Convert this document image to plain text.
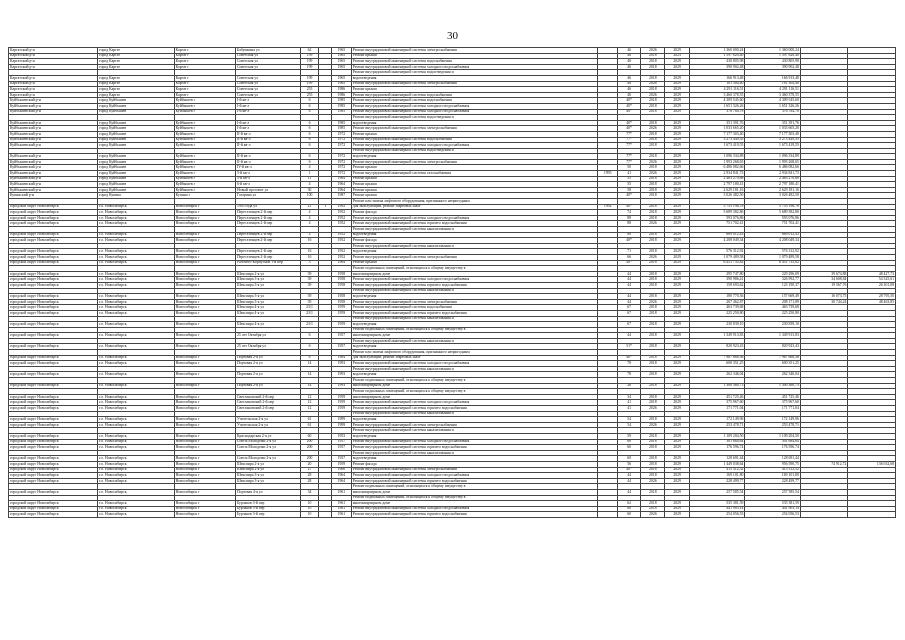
30
Каргатский р-н	город Каргат	Каргат г	Бабушкина ул	62		1965	Ремонт внутридомовой инженерной системы электроснабжения		46	2026	2029	1 360 000,24	1 360 000,24		
Каргатский р-н	город Каргат	Каргат г	Советская ул	199		1965	Ремонт крыши		46	2018	2023	1 597 820,40	1 597 820,40		
Каргатский р-н	город Каргат	Каргат г	Советская ул	199		1965	Ремонт внутридомовой инженерной системы водоснабжения		46	2018	2029	430 805,98	430 805,98		
Каргатский р-н	город Каргат	Каргат г	Советская ул	199		1965	Ремонт внутридомовой инженерной системы холодного водоснабжения		46	2018	2029	390 902,48	390 902,48		
							Ремонт внутридомовой инженерной системы водоотведения и								
Каргатский р-н	город Каргат	Каргат г	Советская ул	199		1965	водоотведения		46	2018	2029	166 913,48	166 913,48		
Каргатский р-н	город Каргат	Каргат г	Советская ул	199		1965	Ремонт внутридомовой инженерной системы электроснабжения		46	2026	2029	181 304,40	181 304,40		
Каргатский р-н	город Каргат	Каргат г	Советская ул	255		1986	Ремонт крыши		46	2018	2029	4 291 116,51	4 291 116,51		
Каргатский р-н	город Каргат	Каргат г	Советская ул	255		1986	Ремонт внутридомовой инженерной системы водоснабжения		46	2026	2029	3 460 378,55	3 460 378,55		
Куйбышевский р-н	город Куйбышев	Куйбышев г	I-й кв-л	6		1985	Ремонт внутридомовой инженерной системы водоснабжения		40*	2018	2029	4 309 545,60	4 309 545,60		
Куйбышевский р-н	город Куйбышев	Куйбышев г	I-й кв-л	6		1985	Ремонт внутридомовой инженерной системы холодного водоснабжения		40*	2018	2029	1 651 326,26	1 651 326,26		
Куйбышевский р-н	город Куйбышев	Куйбышев г	I-й кв-л	6		1985	Ремонт внутридомовой инженерной системы холодного водоснабжения		40*	2018	2029	376 784,78	376 784,78		
							Ремонт внутридомовой инженерной системы водоотведения и								
Куйбышевский р-н	город Куйбышев	Куйбышев г	I-й кв-л	6		1985	водоотведения		40*	2018	2029	351 391,76	351 391,76		
Куйбышевский р-н	город Куйбышев	Куйбышев г	I-й кв-л	6		1985	Ремонт внутридомовой инженерной системы электроснабжения		40*	2026	2029	1 033 665,20	1 033 665,20		
Куйбышевский р-н	город Куйбышев	Куйбышев г	II-й кв-л	6		1972	Ремонт крыши		77*	2018	2029	7 177 303,40	7 177 303,40		
Куйбышевский р-н	город Куйбышев	Куйбышев г	II-й кв-л	6		1972	Ремонт внутридомовой инженерной системы водоснабжения		77*	2018	2029	3 273 449,35	3 273 449,35		
Куйбышевский р-н	город Куйбышев	Куйбышев г	II-й кв-л	6		1972	Ремонт внутридомовой инженерной системы холодного водоснабжения		77*	2018	2029	1 673 419,55	1 673 419,55		
							Ремонт внутридомовой инженерной системы водоотведения и								
Куйбышевский р-н	город Куйбышев	Куйбышев г	II-й кв-л	6		1972	водоотведения		77*	2018	2029	1 096 334,89	1 096 334,89		
Куйбышевский р-н	город Куйбышев	Куйбышев г	II-й кв-л	6		1972	Ремонт внутридомовой инженерной системы электроснабжения		77*	2026	2029	1 993 268,65	1 993 268,65		
Куйбышевский р-н	город Куйбышев	Куйбышев г	IV-й кв-л	4		1972	Ремонт крыши		50	2018	2029	6 486 082,66	6 486 082,66		
Куйбышевский р-н	город Куйбышев	Куйбышев г	5-й кв-л	1		1972	Ремонт внутридомовой инженерной системы газоснабжения	1995	41	2026	2029	2 934 841,73	2 934 841,73		
Куйбышевский р-н	город Куйбышев	Куйбышев г	5-й кв-л	11		1964	Ремонт крыши		55	2018	2029	2 463 270,68	2 463 270,68		
Куйбышевский р-н	город Куйбышев	Куйбышев г	6-й кв-л	4		1964	Ремонт крыши		55	2018	2029	2 797 180,41	2 797 180,41		
Куйбышевский р-н	город Куйбышев	Куйбышев г	Новый проспект ул	30		1964	Ремонт крыши		58	2018	2029	2 629 181,16	2 629 181,16		
Купинский р-н	город Купино	Купино г	Гагарина ул	100		1987	Ремонт крыши		40*	2018	2029	3 026 482,50	3 026 482,50		
							Ремонт или замена лифтового оборудования, признанного непригодным								
городской округ Новосибирск	г.о. Новосибирск	Новосибирск г	1905 года ул	21	1	1992	для эксплуатации, ремонт лифтовых шахт	1992	40*	2018	2029	5 755 196,78	5 755 196,78		
городской округ Новосибирск	г.о. Новосибирск	Новосибирск г	Переселенцев 2-й пер	4		1952	Ремонт фасада		74	2018	2029	5 689 382,86	5 689 382,86		
городской округ Новосибирск	г.о. Новосибирск	Новосибирск г	Переселенцев 2-й пер	4		1952	Ремонт внутридомовой инженерной системы холодного водоснабжения		88	2018	2029	593 076,86	593 076,86		
городской округ Новосибирск	г.о. Новосибирск	Новосибирск г	Переселенцев 2-й пер	4		1952	Ремонт внутридомовой инженерной системы горячего водоснабжения		88	2026	2029	751 702,41	751 702,41		
							Ремонт внутридомовой инженерной системы канализования и								
городской округ Новосибирск	г.о. Новосибирск	Новосибирск г	Переселенцев 2-й пер	4		1952	водоотведения		88	2018	2029	689 012,43	689 012,43		
городской округ Новосибирск	г.о. Новосибирск	Новосибирск г	Переселенцев 2-й пер	16		1952	Ремонт фасада		40*	2018	2029	4 208 049,34	4 208 049,34		
							Ремонт внутридомовой инженерной системы канализования и								
городской округ Новосибирск	г.о. Новосибирск	Новосибирск г	Переселенцев 2-й пер	16		1952	водоотведения		71	2018	2029	576 312,92	576 312,92		
городской округ Новосибирск	г.о. Новосибирск	Новосибирск г	Переселенцев 2-й пер	16		1952	Ремонт внутридомовой инженерной системы электроснабжения		66	2026	2029	1 079 489,58	1 079 489,58		
городской округ Новосибирск	г.о. Новосибирск	Новосибирск г	Рабочего-Корпуснов 1-й пер	3		1964	Ремонт крыши		40*	2018	2029	6 451 735,82	6 451 735,82		
							Ремонт подвальных помещений, относящихся к общему имуществу в								
городской округ Новосибирск	г.о. Новосибирск	Новосибирск г	Шекспира 2-я ул	39		1958	многоквартирном доме		44	2018	2029	295 747,80	229 296,09	39 674,88	48 427,73
городской округ Новосибирск	г.о. Новосибирск	Новосибирск г	Шекспира 3-я ул	39		1958	Ремонт внутридомовой инженерной системы холодного водоснабжения		44	2018	2029	390 986,41	326 992,77	34 608,84	54 325,61
городской округ Новосибирск	г.о. Новосибирск	Новосибирск г	Шекспира 3-я ул	39		1958	Ремонт внутридомовой инженерной системы горячего водоснабжения		44	2018	2029	158 693,62	123 190,37	19 567,76	26 301,08
							Ремонт внутридомовой инженерной системы канализования и								
городской округ Новосибирск	г.о. Новосибирск	Новосибирск г	Шекспира 3-я ул	39		1958	водоотведения		44	2018	2029	180 770,36	157 669,49	16 073,75	28 795,50
городской округ Новосибирск	г.о. Новосибирск	Новосибирск г	Шекспира 3-я ул	39		1958	Ремонт внутридомовой инженерной системы электроснабжения		44	2026	2029	267 462,87	208 171,89	30 744,24	48 463,85
городской округ Новосибирск	г.о. Новосибирск	Новосибирск г	Шекспира 4-я ул	23/1		1959	Ремонт внутридомовой инженерной системы водоснабжения		67	2018	2029	463 739,68	463 739,68		
городской округ Новосибирск	г.о. Новосибирск	Новосибирск г	Шекспира 4-я ул	23/1		1959	Ремонт внутридомовой инженерной системы горячего водоснабжения		67	2018	2029	225 250,80	225 250,80		
							Ремонт внутридомовой инженерной системы канализования и								
городской округ Новосибирск	г.о. Новосибирск	Новосибирск г	Шекспира 4-я ул	23/1		1959	водоотведения		67	2018	2029	230 839,10	230 839,10		
							Ремонт подвальных помещений, относящихся к общему имуществу в								
городской округ Новосибирск	г.о. Новосибирск	Новосибирск г	25 лет Октября ул	6		1957	многоквартирном доме		44	2018	2029	1 349 913,83	1 349 913,83		
							Ремонт внутридомовой инженерной системы канализования и								
городской округ Новосибирск	г.о. Новосибирск	Новосибирск г	25 лет Октября ул	6		1957	водоотведения		51*	2018	2029	820 923,43	820 923,43		
							Ремонт или замена лифтового оборудования, признанного непригодным								
городской округ Новосибирск	г.о. Новосибирск	Новосибирск г	Портовая 2-я ул	6		1984	для эксплуатации, ремонт лифтовых шахт		40*	2018	2029	7 967 668,36	7 967 668,36		
городской округ Новосибирск	г.о. Новосибирск	Новосибирск г	Портовая 2-я ул	14		1993	Ремонт внутридомовой инженерной системы холодного водоснабжения		78	2018	2029	600 351,25	600 351,25		
							Ремонт внутридомовой инженерной системы канализования и								
городской округ Новосибирск	г.о. Новосибирск	Новосибирск г	Портовая 2-я ул	14		1993	водоотведения		78	2018	2029	262 346,04	262 346,04		
							Ремонт подвальных помещений, относящихся к общему имуществу в								
городской округ Новосибирск	г.о. Новосибирск	Новосибирск г	Портовая 2-я ул	14		1993	многоквартирном доме		26	2018	2029	1 300 360,73	1 300 360,73		
							Ремонт подвальных помещений, относящихся к общему имуществу в								
городской округ Новосибирск	г.о. Новосибирск	Новосибирск г	Светлановский 2-й пер	12		1959	многоквартирном доме		34	2018	2029	451 725,46	451 725,46		
городской округ Новосибирск	г.о. Новосибирск	Новосибирск г	Светлановский 2-й пер	12		1959	Ремонт внутридомовой инженерной системы холодного водоснабжения		41	2018	2029	375 967,60	375 967,60		
городской округ Новосибирск	г.о. Новосибирск	Новосибирск г	Светлановский 2-й пер	12		1959	Ремонт внутридомовой инженерной системы горячего водоснабжения		41	2026	2029	171 771,04	171 771,04		
							Ремонт внутридомовой инженерной системы канализования и								
городской округ Новосибирск	г.о. Новосибирск	Новосибирск г	Учительская 2-я ул	61		1999	водоотведения		54	2018	2029	172 149,96	172 149,96		
городской округ Новосибирск	г.о. Новосибирск	Новосибирск г	Учительская 2-я ул	61		1999	Ремонт внутридомовой инженерной системы электроснабжения		54	2026	2029	253 478,71	253 478,71		
							Ремонт внутридомовой инженерной системы канализования и								
городской округ Новосибирск	г.о. Новосибирск	Новосибирск г	Краснодарская 2-я ул	60		1953	водоотведения		59	2018	2029	1 109 204,50	1 109 204,50		
городской округ Новосибирск	г.о. Новосибирск	Новосибирск г	Союза Молодежи 2-я ул	200		1957	Ремонт внутридомовой инженерной системы холодного водоснабжения		60	2018	2029	301 684,64	301 684,64		
городской округ Новосибирск	г.о. Новосибирск	Новосибирск г	Союза Молодежи 2-я ул	200		1957	Ремонт внутридомовой инженерной системы горячего водоснабжения		60	2018	2029	176 596,74	176 596,74		
							Ремонт внутридомовой инженерной системы канализования и								
городской округ Новосибирск	г.о. Новосибирск	Новосибирск г	Союза Молодежи 2-я ул	200		1957	водоотведения		60	2018	2029	128 691,44	128 691,44		
городской округ Новосибирск	г.о. Новосибирск	Новосибирск г	Шекспира 2-я ул	20		1959	Ремонт фасада		56	2018	2029	1 449 038,64	956 590,75	74 912,72	136 032,68
городской округ Новосибирск	г.о. Новосибирск	Новосибирск г	Шекспира 2-я ул	27		1960	Ремонт внутридомовой инженерной системы электроснабжения		40*	2018	2029	415 312,52	415 312,52		
городской округ Новосибирск	г.о. Новосибирск	Новосибирск г	Шекспира 3-я ул	28		1964	Ремонт внутридомовой инженерной системы холодного водоснабжения		44	2018	2029	169 101,80	169 101,80		
городской округ Новосибирск	г.о. Новосибирск	Новосибирск г	Шекспира 3-я ул	28		1964	Ремонт внутридомовой инженерной системы горячего водоснабжения		44	2026	2029	228 499,77	228 499,77		
							Ремонт подвальных помещений, относящихся к общему имуществу в								
городской округ Новосибирск	г.о. Новосибирск	Новосибирск г	Портовая 4-я ул	34		1961	многоквартирном доме		44	2018	2029	257 585,54	257 585,54		
							Ремонт подвальных помещений, относящихся к общему имуществу в								
городской округ Новосибирск	г.о. Новосибирск	Новосибирск г	Бурлаков 3-й пер	10		1961	многоквартирном доме		62	2018	2029	535 381,59	535 381,59		
городской округ Новосибирск	г.о. Новосибирск	Новосибирск г	Бурлаков 3-й пер	10		1961	Ремонт внутридомовой инженерной системы холодного водоснабжения		60	2018	2029	441 903,14	441 903,14		
городской округ Новосибирск	г.о. Новосибирск	Новосибирск г	Бурлаков 3-й пер	10		1961	Ремонт внутридомовой инженерной системы горячего водоснабжения		60	2026	2029	254 056,53	254 056,53		
